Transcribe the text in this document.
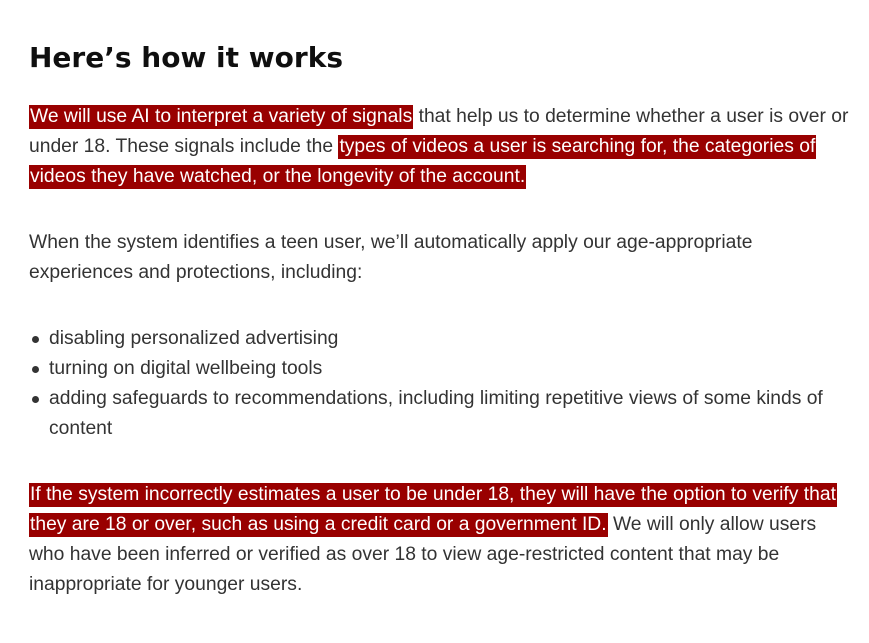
Here’s how it works

We will use AI to interpret a variety of signals that help us to determine whether a user is over or under 18. These signals include the types of videos a user is searching for, the categories of videos they have watched, or the longevity of the account.

When the system identifies a teen user, we’ll automatically apply our age-appropriate experiences and protections, including:

disabling personalized advertising
turning on digital wellbeing tools
adding safeguards to recommendations, including limiting repetitive views of some kinds of content

If the system incorrectly estimates a user to be under 18, they will have the option to verify that they are 18 or over, such as using a credit card or a government ID. We will only allow users who have been inferred or verified as over 18 to view age-restricted content that may be inappropriate for younger users.
